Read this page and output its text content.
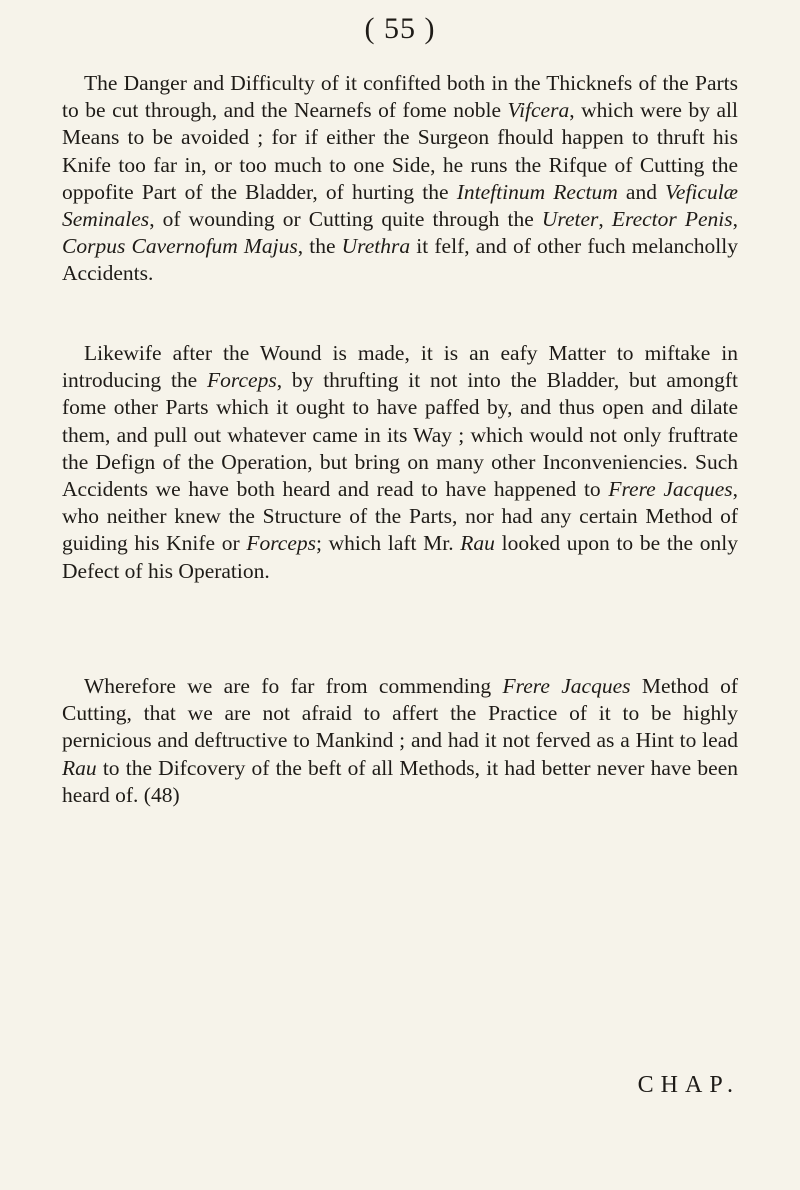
( 55 )

The Danger and Difficulty of it confifted both in the Thicknefs of the Parts to be cut through, and the Nearnefs of fome noble Vifcera, which were by all Means to be avoided ; for if either the Surgeon fhould happen to thruft his Knife too far in, or too much to one Side, he runs the Rifque of Cutting the oppofite Part of the Bladder, of hurting the Inteftinum Rectum and Veficulæ Seminales, of wounding or Cutting quite through the Ureter, Erector Penis, Corpus Cavernofum Majus, the Urethra it felf, and of other fuch melancholly Accidents.

Likewife after the Wound is made, it is an eafy Matter to miftake in introducing the Forceps, by thrufting it not into the Bladder, but amongft fome other Parts which it ought to have paffed by, and thus open and dilate them, and pull out whatever came in its Way ; which would not only fruftrate the Defign of the Operation, but bring on many other Inconveniencies. Such Accidents we have both heard and read to have happened to Frere Jacques, who neither knew the Structure of the Parts, nor had any certain Method of guiding his Knife or Forceps; which laft Mr. Rau looked upon to be the only Defect of his Operation.

Wherefore we are fo far from commending Frere Jacques Method of Cutting, that we are not afraid to affert the Practice of it to be highly pernicious and deftructive to Mankind ; and had it not ferved as a Hint to lead Rau to the Difcovery of the beft of all Methods, it had better never have been heard of. (48)

CHAP.
